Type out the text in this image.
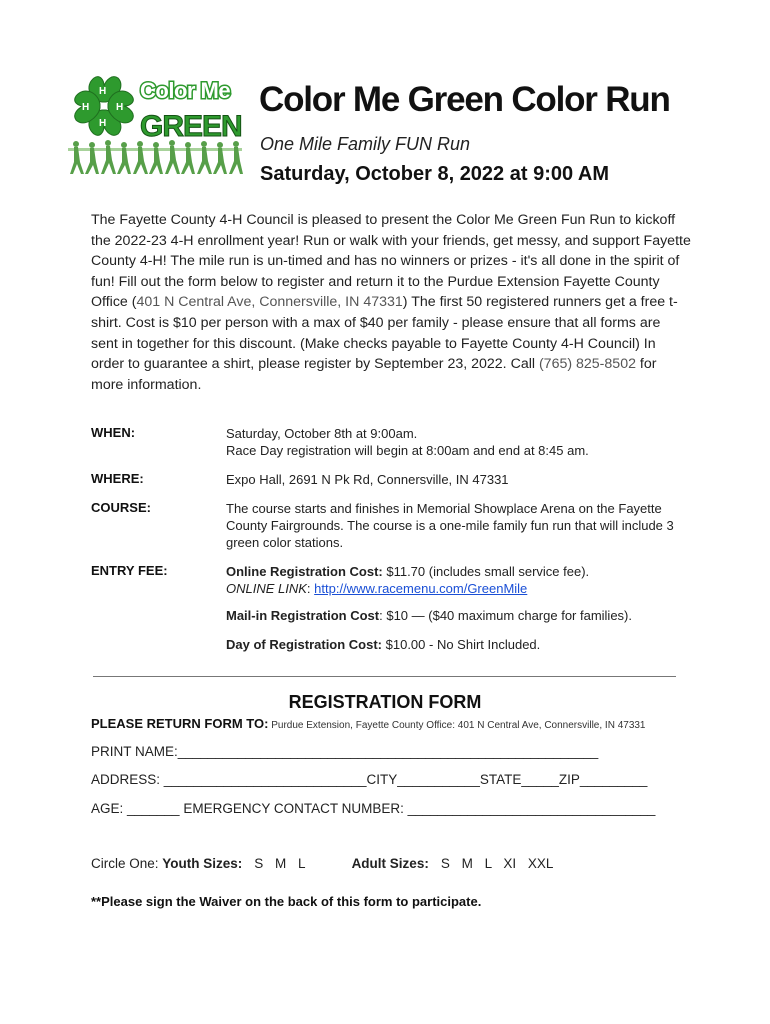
H
H
H	H
Color Me
GREEN
Color Me Green Color Run
One Mile Family FUN Run
Saturday, October 8, 2022 at 9:00 AM
The Fayette County 4-H Council is pleased to present the Color Me Green Fun Run to kickoff the 2022-23 4-H enrollment year! Run or walk with your friends, get messy, and support Fayette County 4-H! The mile run is un-timed and has no winners or prizes - it's all done in the spirit of fun! Fill out the form below to register and return it to the Purdue Extension Fayette County Office (401 N Central Ave, Connersville, IN 47331) The first 50 registered runners get a free t-shirt. Cost is $10 per person with a max of $40 per family - please ensure that all forms are sent in together for this discount. (Make checks payable to Fayette County 4-H Council) In order to guarantee a shirt, please register by September 23, 2022. Call (765) 825-8502 for more information.
WHEN:	Saturday, October 8th at 9:00am.
Race Day registration will begin at 8:00am and end at 8:45 am.
WHERE:	Expo Hall, 2691 N Pk Rd, Connersville, IN 47331
COURSE:	The course starts and finishes in Memorial Showplace Arena on the Fayette County Fairgrounds. The course is a one-mile family fun run that will include 3 green color stations.
ENTRY FEE:	Online Registration Cost: $11.70 (includes small service fee).
ONLINE LINK: http://www.racemenu.com/GreenMile

Mail-in Registration Cost: $10 — ($40 maximum charge for families).

Day of Registration Cost: $10.00 - No Shirt Included.

REGISTRATION FORM
PLEASE RETURN FORM TO: Purdue Extension, Fayette County Office: 401 N Central Ave, Connersville, IN 47331
PRINT NAME:________________________________________________________
ADDRESS: ___________________________CITY___________STATE_____ZIP_________
AGE: _______ EMERGENCY CONTACT NUMBER: _________________________________
Circle One: Youth Sizes: S M L	Adult Sizes: S M L XI XXL
**Please sign the Waiver on the back of this form to participate.
